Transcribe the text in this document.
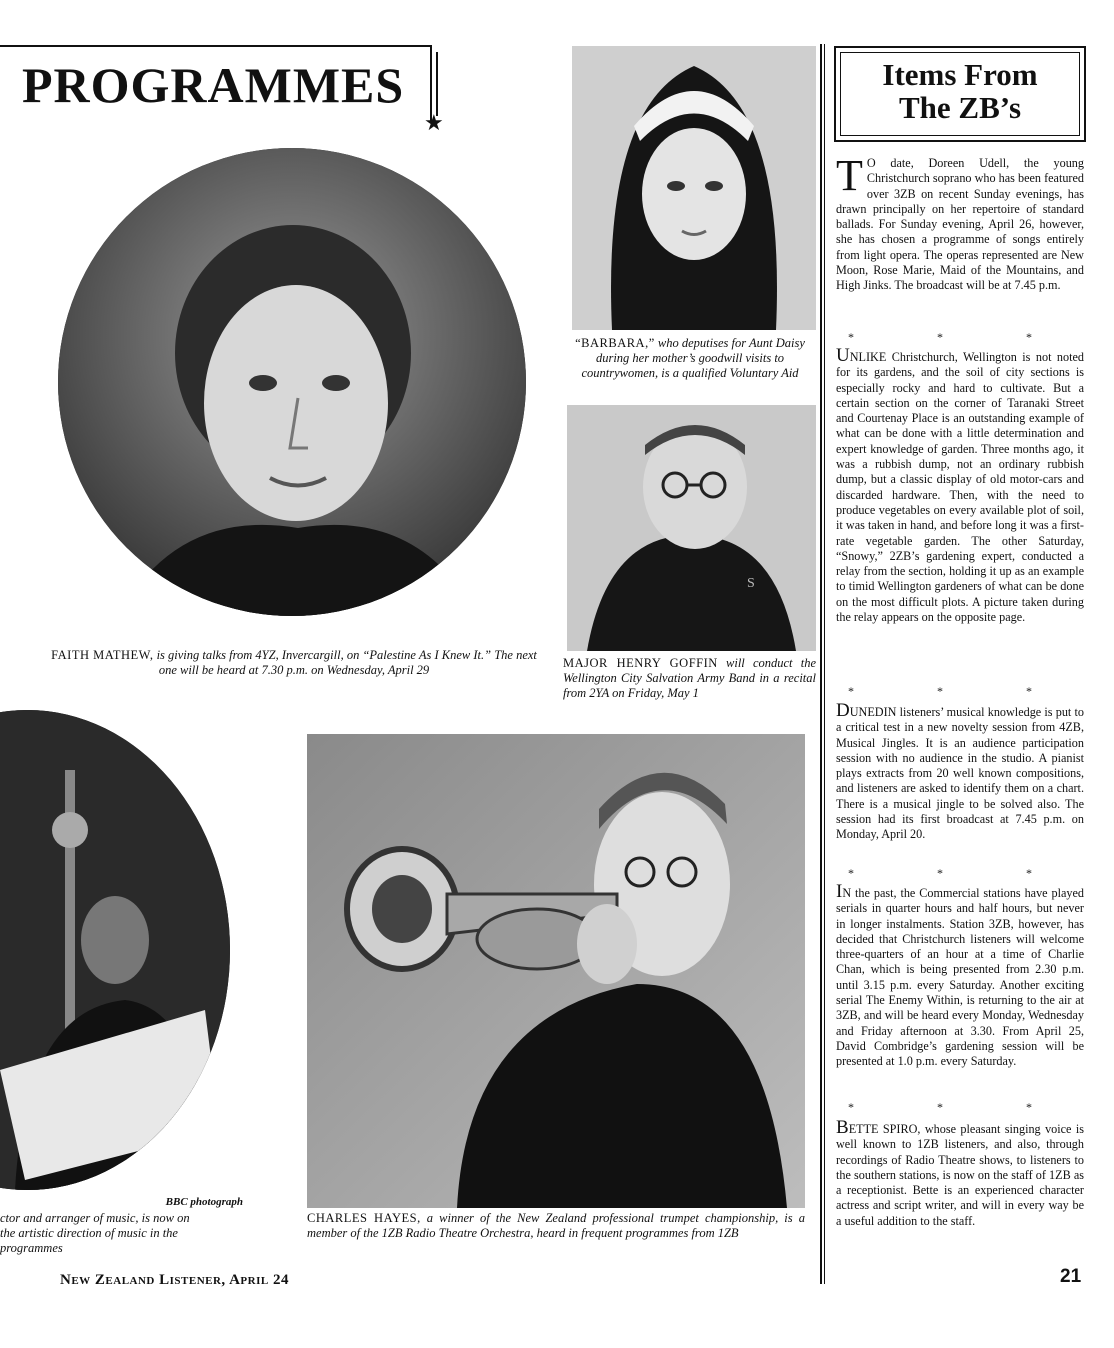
PROGRAMMES
★
FAITH MATHEW, is giving talks from 4YZ, Invercargill, on “Palestine As I Knew It.” The next one will be heard at 7.30 p.m. on Wednesday, April 29
“BARBARA,” who deputises for Aunt Daisy during her mother’s goodwill visits to countrywomen, is a qualified Voluntary Aid
S
MAJOR HENRY GOFFIN will conduct the Wellington City Salvation Army Band in a recital from 2YA on Friday, May 1
CHARLES HAYES, a winner of the New Zealand professional trumpet championship, is a member of the 1ZB Radio Theatre Orchestra, heard in frequent programmes from 1ZB
BBC photograph
ctor and arranger of music, is now on
the artistic direction of music in the
programmes
Items From
The ZB’s

T O date, Doreen Udell, the young Christchurch soprano who has been featured over 3ZB on recent Sunday evenings, has drawn principally on her repertoire of standard ballads. For Sunday evening, April 26, however, she has chosen a programme of songs entirely from light opera. The operas represented are New Moon, Rose Marie, Maid of the Mountains, and High Jinks. The broadcast will be at 7.45 p.m.

* * *

UNLIKE Christchurch, Wellington is not noted for its gardens, and the soil of city sections is especially rocky and hard to cultivate. But a certain section on the corner of Taranaki Street and Courtenay Place is an outstanding example of what can be done with a little determination and expert knowledge of garden. Three months ago, it was a rubbish dump, not an ordinary rubbish dump, but a classic display of old motor-cars and discarded hardware. Then, with the need to produce vegetables on every available plot of soil, it was taken in hand, and before long it was a first-rate vegetable garden. The other Saturday, “Snowy,” 2ZB’s gardening expert, conducted a relay from the section, holding it up as an example to timid Wellington gardeners of what can be done on the most difficult plots. A picture taken during the relay appears on the opposite page.

* * *

DUNEDIN listeners’ musical knowledge is put to a critical test in a new novelty session from 4ZB, Musical Jingles. It is an audience participation session with no audience in the studio. A pianist plays extracts from 20 well known compositions, and listeners are asked to identify them on a chart. There is a musical jingle to be solved also. The session had its first broadcast at 7.45 p.m. on Monday, April 20.

* * *

IN the past, the Commercial stations have played serials in quarter hours and half hours, but never in longer instalments. Station 3ZB, however, has decided that Christchurch listeners will welcome three-quarters of an hour at a time of Charlie Chan, which is being presented from 2.30 p.m. until 3.15 p.m. every Saturday. Another exciting serial The Enemy Within, is returning to the air at 3ZB, and will be heard every Monday, Wednesday and Friday afternoon at 3.30. From April 25, David Combridge’s gardening session will be presented at 1.0 p.m. every Saturday.

* * *

BETTE SPIRO, whose pleasant singing voice is well known to 1ZB listeners, and also, through recordings of Radio Theatre shows, to listeners to the southern stations, is now on the staff of 1ZB as a receptionist. Bette is an experienced character actress and script writer, and will in every way be a useful addition to the staff.

New Zealand Listener, April 24	21
